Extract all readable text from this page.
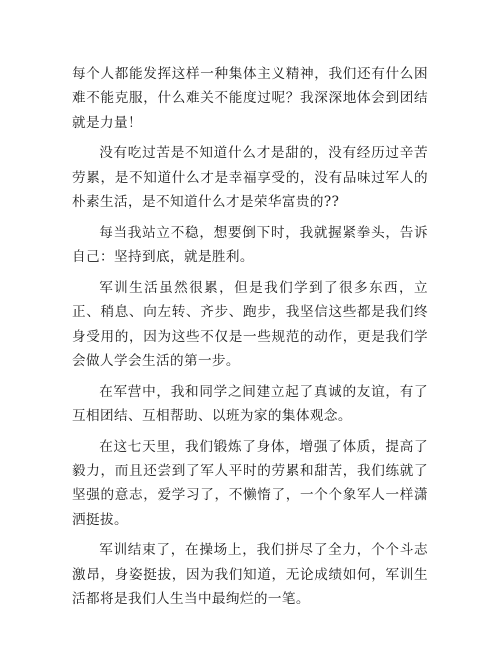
每个人都能发挥这样一种集体主义精神，我们还有什么困难不能克服，什么难关不能度过呢？我深深地体会到团结就是力量！

没有吃过苦是不知道什么才是甜的，没有经历过辛苦劳累，是不知道什么才是幸福享受的，没有品味过军人的朴素生活，是不知道什么才是荣华富贵的??

每当我站立不稳，想要倒下时，我就握紧拳头，告诉自己：坚持到底，就是胜利。

军训生活虽然很累，但是我们学到了很多东西，立正、稍息、向左转、齐步、跑步，我坚信这些都是我们终身受用的，因为这些不仅是一些规范的动作，更是我们学会做人学会生活的第一步。

在军营中，我和同学之间建立起了真诚的友谊，有了互相团结、互相帮助、以班为家的集体观念。

在这七天里，我们锻炼了身体，增强了体质，提高了毅力，而且还尝到了军人平时的劳累和甜苦，我们练就了坚强的意志，爱学习了，不懒惰了，一个个象军人一样潇洒挺拔。

军训结束了，在操场上，我们拼尽了全力，个个斗志激昂，身姿挺拔，因为我们知道，无论成绩如何，军训生活都将是我们人生当中最绚烂的一笔。
